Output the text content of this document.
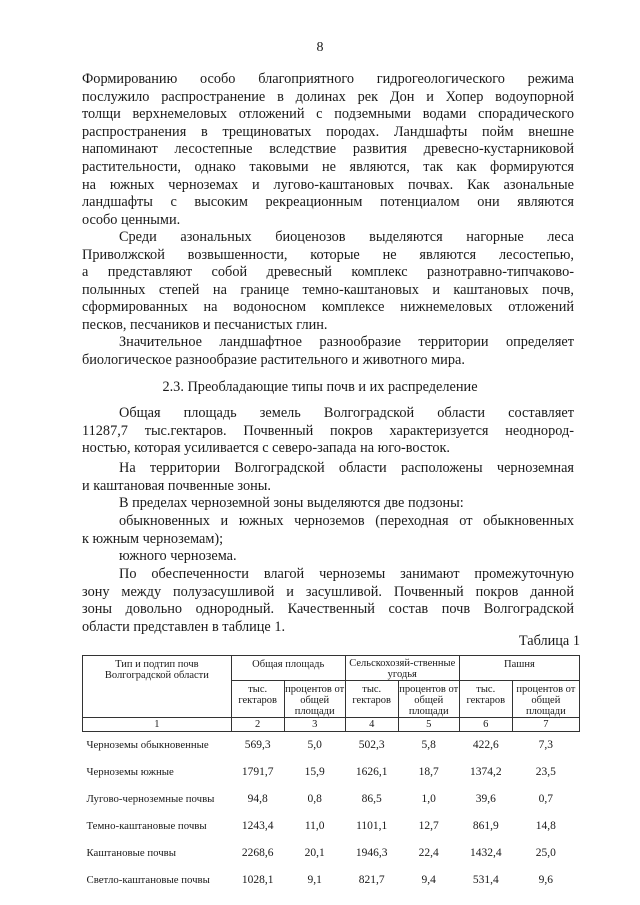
8
Формированию особо благоприятного гидрогеологического режима
послужило распространение в долинах рек Дон и Хопер водоупорной
толщи верхнемеловых отложений с подземными водами спорадического
распространения в трещиноватых породах. Ландшафты пойм внешне
напоминают лесостепные вследствие развития древесно-кустарниковой
растительности, однако таковыми не являются, так как формируются
на южных черноземах и лугово-каштановых почвах. Как азональные
ландшафты с высоким рекреационным потенциалом они являются
особо ценными.
Среди азональных биоценозов выделяются нагорные леса
Приволжской возвышенности, которые не являются лесостепью,
а представляют собой древесный комплекс разнотравно-типчаково-
полынных степей на границе темно-каштановых и каштановых почв,
сформированных на водоносном комплексе нижнемеловых отложений
песков, песчаников и песчанистых глин.
Значительное ландшафтное разнообразие территории определяет
биологическое разнообразие растительного и животного мира.
2.3. Преобладающие типы почв и их распределение
Общая площадь земель Волгоградской области составляет
11287,7 тыс.гектаров. Почвенный покров характеризуется неоднород-
ностью, которая усиливается с северо-запада на юго-восток.
На территории Волгоградской области расположены черноземная
и каштановая почвенные зоны.
В пределах черноземной зоны выделяются две подзоны:
обыкновенных и южных черноземов (переходная от обыкновенных
к южным черноземам);
южного чернозема.
По обеспеченности влагой черноземы занимают промежуточную
зону между полузасушливой и засушливой. Почвенный покров данной
зоны довольно однородный. Качественный состав почв Волгоградской
области представлен в таблице 1.
Таблица 1
Тип и подтип почв Волгоградской области	Общая площадь		Сельскохозяй-ственные угодья		Пашня	
	тыс. гектаров	процентов от общей площади	тыс. гектаров	процентов от общей площади	тыс. гектаров	процентов от общей площади
1	2	3	4	5	6	7
Черноземы обыкновенные	569,3	5,0	502,3	5,8	422,6	7,3
Черноземы южные	1791,7	15,9	1626,1	18,7	1374,2	23,5
Лугово-черноземные почвы	94,8	0,8	86,5	1,0	39,6	0,7
Темно-каштановые почвы	1243,4	11,0	1101,1	12,7	861,9	14,8
Каштановые почвы	2268,6	20,1	1946,3	22,4	1432,4	25,0
Светло-каштановые почвы	1028,1	9,1	821,7	9,4	531,4	9,6
